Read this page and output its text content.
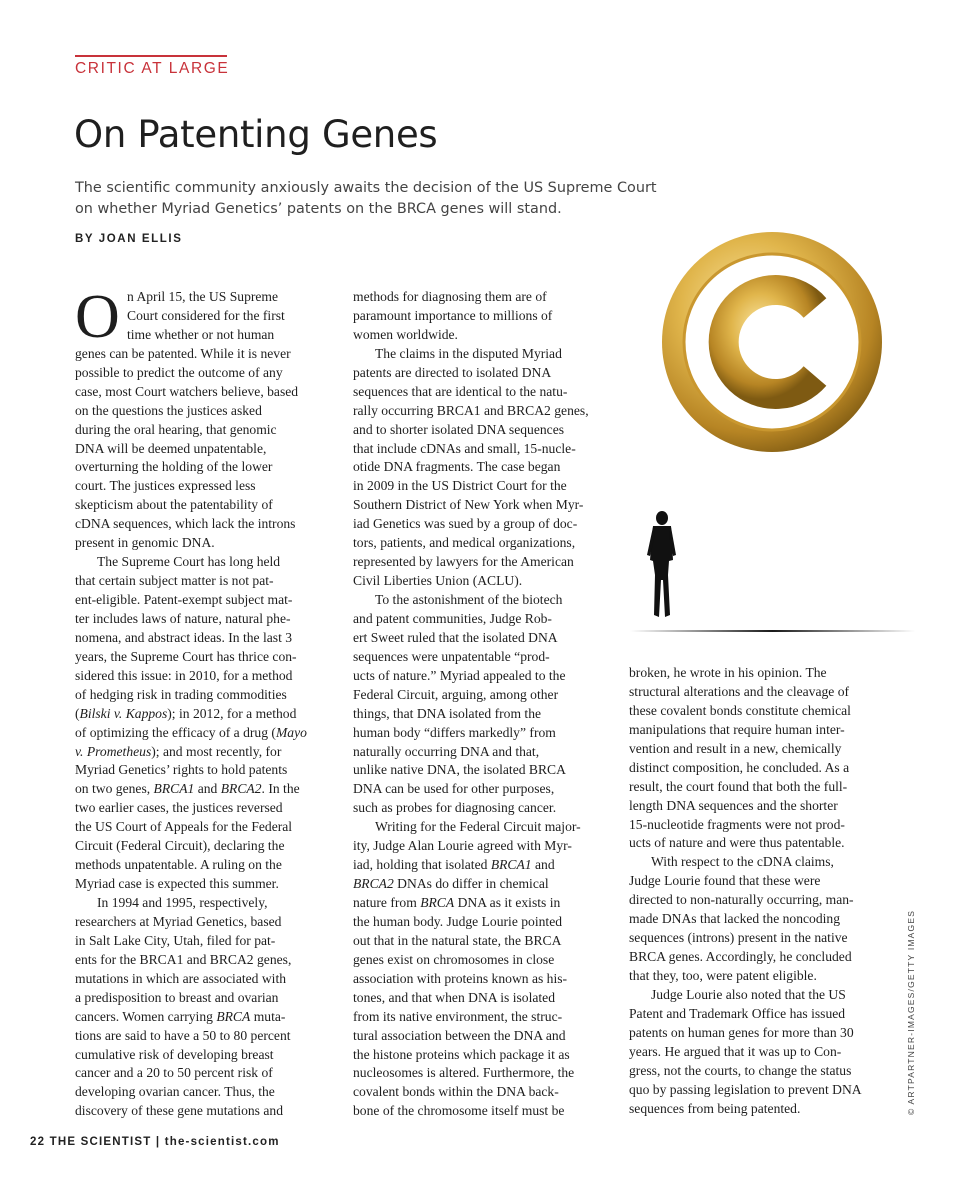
CRITIC AT LARGE
On Patenting Genes
The scientific community anxiously awaits the decision of the US Supreme Court
on whether Myriad Genetics’ patents on the BRCA genes will stand.
BY JOAN ELLIS
O n April 15, the US Supreme
Court considered for the first
time whether or not human
genes can be patented. While it is never
possible to predict the outcome of any
case, most Court watchers believe, based
on the questions the justices asked
during the oral hearing, that genomic
DNA will be deemed unpatentable,
overturning the holding of the lower
court. The justices expressed less
skepticism about the patentability of
cDNA sequences, which lack the introns
present in genomic DNA.
The Supreme Court has long held
that certain subject matter is not pat-
ent-eligible. Patent-exempt subject mat-
ter includes laws of nature, natural phe-
nomena, and abstract ideas. In the last 3
years, the Supreme Court has thrice con-
sidered this issue: in 2010, for a method
of hedging risk in trading commodities
(Bilski v. Kappos); in 2012, for a method
of optimizing the efficacy of a drug (Mayo
v. Prometheus); and most recently, for
Myriad Genetics’ rights to hold patents
on two genes, BRCA1 and BRCA2. In the
two earlier cases, the justices reversed
the US Court of Appeals for the Federal
Circuit (Federal Circuit), declaring the
methods unpatentable. A ruling on the
Myriad case is expected this summer.
In 1994 and 1995, respectively,
researchers at Myriad Genetics, based
in Salt Lake City, Utah, filed for pat-
ents for the BRCA1 and BRCA2 genes,
mutations in which are associated with
a predisposition to breast and ovarian
cancers. Women carrying BRCA muta-
tions are said to have a 50 to 80 percent
cumulative risk of developing breast
cancer and a 20 to 50 percent risk of
developing ovarian cancer. Thus, the
discovery of these gene mutations and
methods for diagnosing them are of
paramount importance to millions of
women worldwide.
The claims in the disputed Myriad
patents are directed to isolated DNA
sequences that are identical to the natu-
rally occurring BRCA1 and BRCA2 genes,
and to shorter isolated DNA sequences
that include cDNAs and small, 15-nucle-
otide DNA fragments. The case began
in 2009 in the US District Court for the
Southern District of New York when Myr-
iad Genetics was sued by a group of doc-
tors, patients, and medical organizations,
represented by lawyers for the American
Civil Liberties Union (ACLU).
To the astonishment of the biotech
and patent communities, Judge Rob-
ert Sweet ruled that the isolated DNA
sequences were unpatentable “prod-
ucts of nature.” Myriad appealed to the
Federal Circuit, arguing, among other
things, that DNA isolated from the
human body “differs markedly” from
naturally occurring DNA and that,
unlike native DNA, the isolated BRCA
DNA can be used for other purposes,
such as probes for diagnosing cancer.
Writing for the Federal Circuit major-
ity, Judge Alan Lourie agreed with Myr-
iad, holding that isolated BRCA1 and
BRCA2 DNAs do differ in chemical
nature from BRCA DNA as it exists in
the human body. Judge Lourie pointed
out that in the natural state, the BRCA
genes exist on chromosomes in close
association with proteins known as his-
tones, and that when DNA is isolated
from its native environment, the struc-
tural association between the DNA and
the histone proteins which package it as
nucleosomes is altered. Furthermore, the
covalent bonds within the DNA back-
bone of the chromosome itself must be
broken, he wrote in his opinion. The
structural alterations and the cleavage of
these covalent bonds constitute chemical
manipulations that require human inter-
vention and result in a new, chemically
distinct composition, he concluded. As a
result, the court found that both the full-
length DNA sequences and the shorter
15-nucleotide fragments were not prod-
ucts of nature and were thus patentable.
With respect to the cDNA claims,
Judge Lourie found that these were
directed to non-naturally occurring, man-
made DNAs that lacked the noncoding
sequences (introns) present in the native
BRCA genes. Accordingly, he concluded
that they, too, were patent eligible.
Judge Lourie also noted that the US
Patent and Trademark Office has issued
patents on human genes for more than 30
years. He argued that it was up to Con-
gress, not the courts, to change the status
quo by passing legislation to prevent DNA
sequences from being patented.
22 THE SCIENTIST | the-scientist.com
© ARTPARTNER-IMAGES/GETTY IMAGES
